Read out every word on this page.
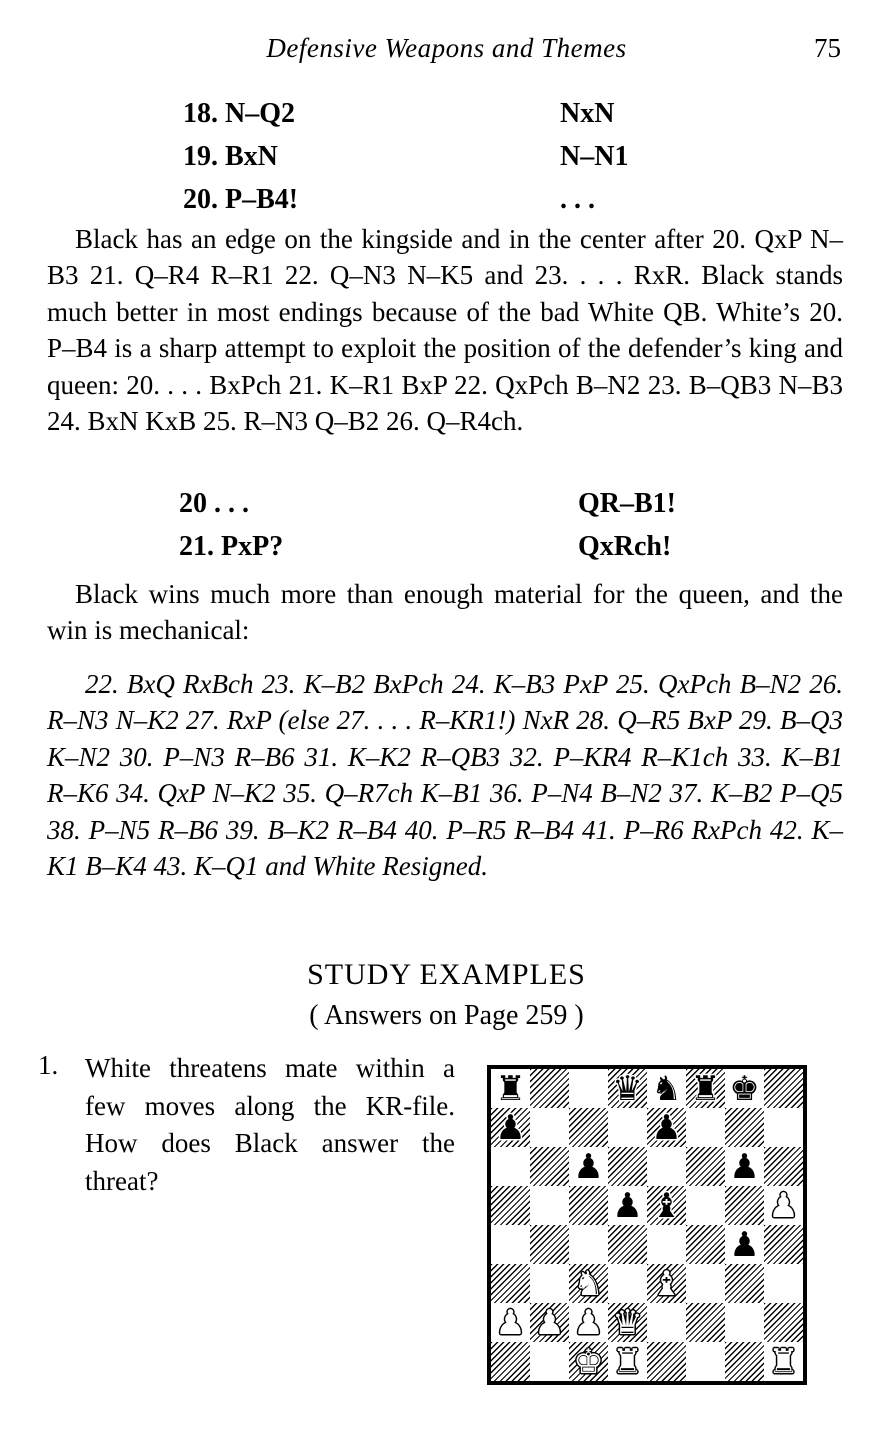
Defensive Weapons and Themes	75
18. N–Q2	NxN
19. BxN	N–N1
20. P–B4!	. . .

Black has an edge on the kingside and in the center after 20. QxP N–B3 21. Q–R4 R–R1 22. Q–N3 N–K5 and 23. . . . RxR. Black stands much better in most endings because of the bad White QB. White’s 20. P–B4 is a sharp attempt to exploit the position of the defender’s king and queen: 20. . . . BxPch 21. K–R1 BxP 22. QxPch B–N2 23. B–QB3 N–B3 24. BxN KxB 25. R–N3 Q–B2 26. Q–R4ch.

20 . . .	QR–B1!
21. PxP?	QxRch!

Black wins much more than enough material for the queen, and the win is mechanical:

22. BxQ RxBch 23. K–B2 BxPch 24. K–B3 PxP 25. QxPch B–N2 26. R–N3 N–K2 27. RxP (else 27. . . . R–KR1!) NxR 28. Q–R5 BxP 29. B–Q3 K–N2 30. P–N3 R–B6 31. K–K2 R–QB3 32. P–KR4 R–K1ch 33. K–B1 R–K6 34. QxP N–K2 35. Q–R7ch K–B1 36. P–N4 B–N2 37. K–B2 P–Q5 38. P–N5 R–B6 39. B–K2 R–B4 40. P–R5 R–B4 41. P–R6 RxPch 42. K–K1 B–K4 43. K–Q1 and White Resigned.

STUDY EXAMPLES
( Answers on Page 259 )
1. White threatens mate within a few moves along the KR-file. How does Black answer the threat?

♜	♛ ♞ ♜ ♚
♟	♟
♟	♟
♟ ♝	♟
♟
♞ ♝
♟ ♟ ♟ ♛
♚ ♜	♜
